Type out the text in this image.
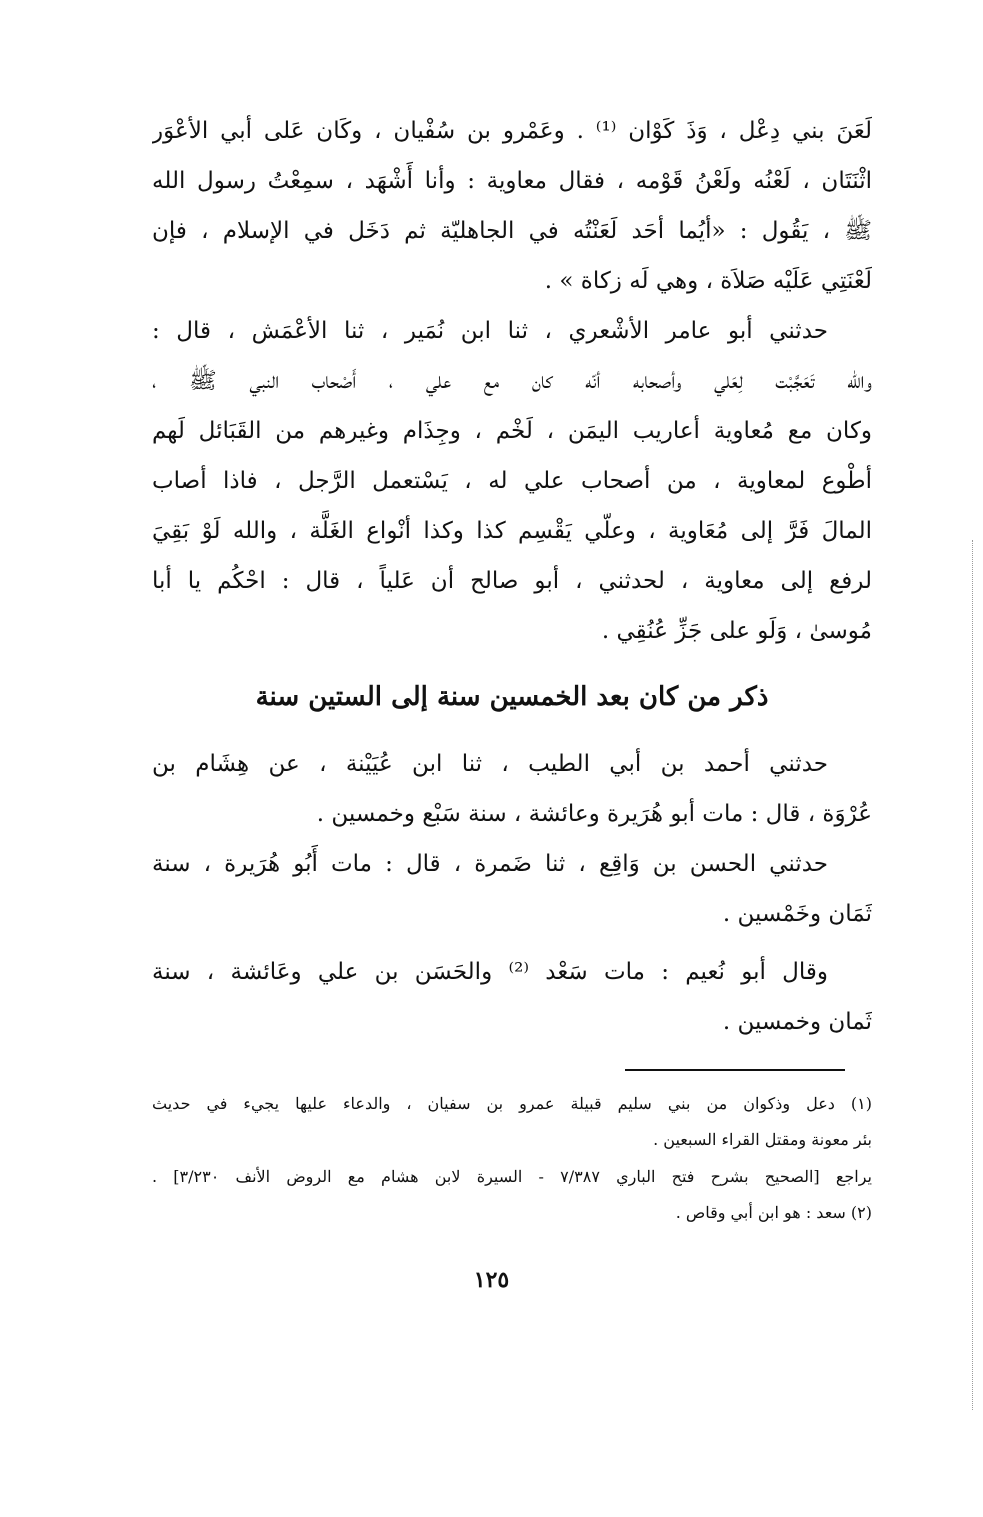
لَعَنَ بني دِعْل ، وَذَ كَوْان ⁽¹⁾ . وعَمْرو بن سُفْيان ، وكَان عَلى أبي الأعْوَر
اثْنَتَان ، لَعْنُه ولَعْنُ قَوْمه ، فقال معاوية : وأنا أَشْهَد ، سمِعْتُ رسول الله
ﷺ ، يَقُول : «أيُما أحَد لَعَنْتُه في الجاهليّة ثم دَخَل في الإسلام ، فإن
لَعْنَتِي عَلَيْه صَلاَة ، وهي لَه زكاة » .
حدثني أبو عامر الأشْعري ، ثنا ابن نُمَير ، ثنا الأعْمَش ، قال :
والله تَعَجَّبْت لِعَلي وأصحابه أنّه كان مع علي ، أَصْحاب النبي ﷺ ،
وكان مع مُعاوية أعاريب اليمَن ، لَخْم ، وجِذَام وغيرهم من القَبَائل لَهم
أطْوع لمعاوية ، من أصحاب علي له ، يَسْتعمل الرَّجل ، فاذا أصاب
المالَ فَرَّ إلى مُعَاوية ، وعلّي يَقْسِم كذا وكذا أنْواع الغَلَّة ، والله لَوْ بَقِيَ
لرفع إلى معاوية ، لحدثني ، أبو صالح أن عَلياً ، قال : احْكُم يا أبا
مُوسىٰ ، وَلَو على جَزِّ عُنُقِي .
ذكر من كان بعد الخمسين سنة إلى الستين سنة
حدثني أحمد بن أبي الطيب ، ثنا ابن عُيَيْنة ، عن هِشَام بن
عُرْوَة ، قال : مات أبو هُرَيرة وعائشة ، سنة سَبْع وخمسين .
حدثني الحسن بن وَاقِع ، ثنا ضَمرة ، قال : مات أَبُو هُرَيرة ، سنة
ثَمَان وخَمْسين .
وقال أبو نُعيم : مات سَعْد ⁽²⁾ والحَسَن بن علي وعَائشة ، سنة
ثَمان وخمسين .
(١) دعل وذكوان من بني سليم قبيلة عمرو بن سفيان ، والدعاء عليها يجيء في حديث
بئر معونة ومقتل القراء السبعين .
يراجع [الصحيح بشرح فتح الباري ٧/٣٨٧ - السيرة لابن هشام مع الروض الأنف ٣/٢٣٠] .
(٢) سعد : هو ابن أبي وقاص .
١٢٥
